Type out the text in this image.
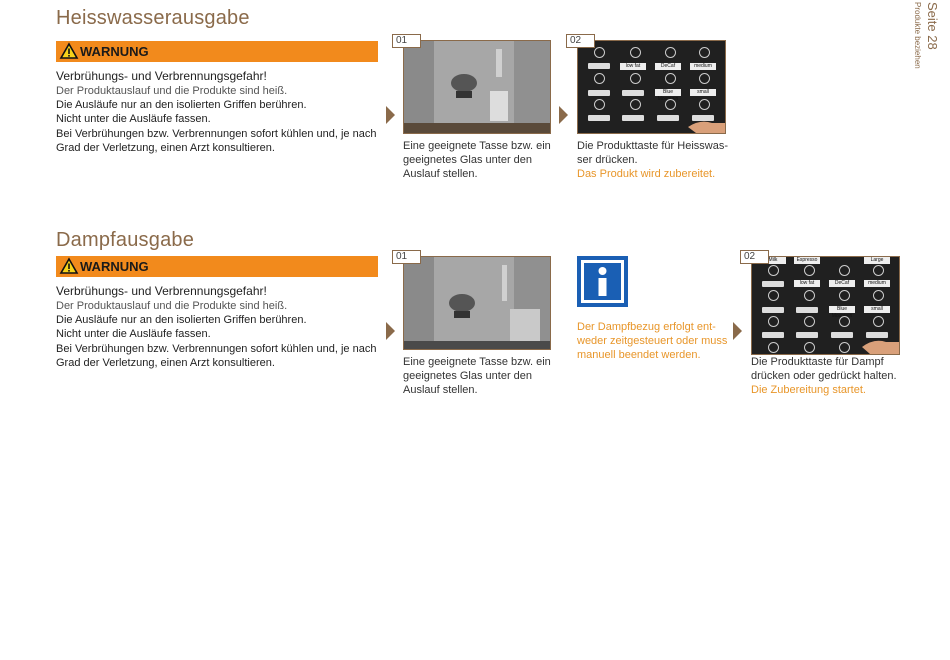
Seite 28
Produkte beziehen
Heisswasserausgabe
WARNUNG
Verbrühungs- und Verbrennungsgefahr!
Der Produktauslauf und die Produkte sind heiß.
Die Ausläufe nur an den isolierten Griffen berühren.
Nicht unter die Ausläufe fassen.
Bei Verbrühungen bzw. Verbrennungen sofort kühlen und, je nach
Grad der Verletzung, einen Arzt konsultieren.
01
Eine geeignete Tasse bzw. ein
geeignetes Glas unter den
Auslauf stellen.
low fat	DeCaf	medium
Blue Mountain
small
02
Die Produkttaste für Heisswas-
ser drücken.
Das Produkt wird zubereitet.
Dampfausgabe
WARNUNG
Verbrühungs- und Verbrennungsgefahr!
Der Produktauslauf und die Produkte sind heiß.
Die Ausläufe nur an den isolierten Griffen berühren.
Nicht unter die Ausläufe fassen.
Bei Verbrühungen bzw. Verbrennungen sofort kühlen und, je nach
Grad der Verletzung, einen Arzt konsultieren.
01
Eine geeignete Tasse bzw. ein
geeignetes Glas unter den
Auslauf stellen.
Der Dampfbezug erfolgt ent-
weder zeitgesteuert oder muss
manuell beendet werden.
Milk	Espresso	Large
low fat	DeCaf	medium
Blue Mountain
small
02
Die Produkttaste für Dampf
drücken oder gedrückt halten.
Die Zubereitung startet.
